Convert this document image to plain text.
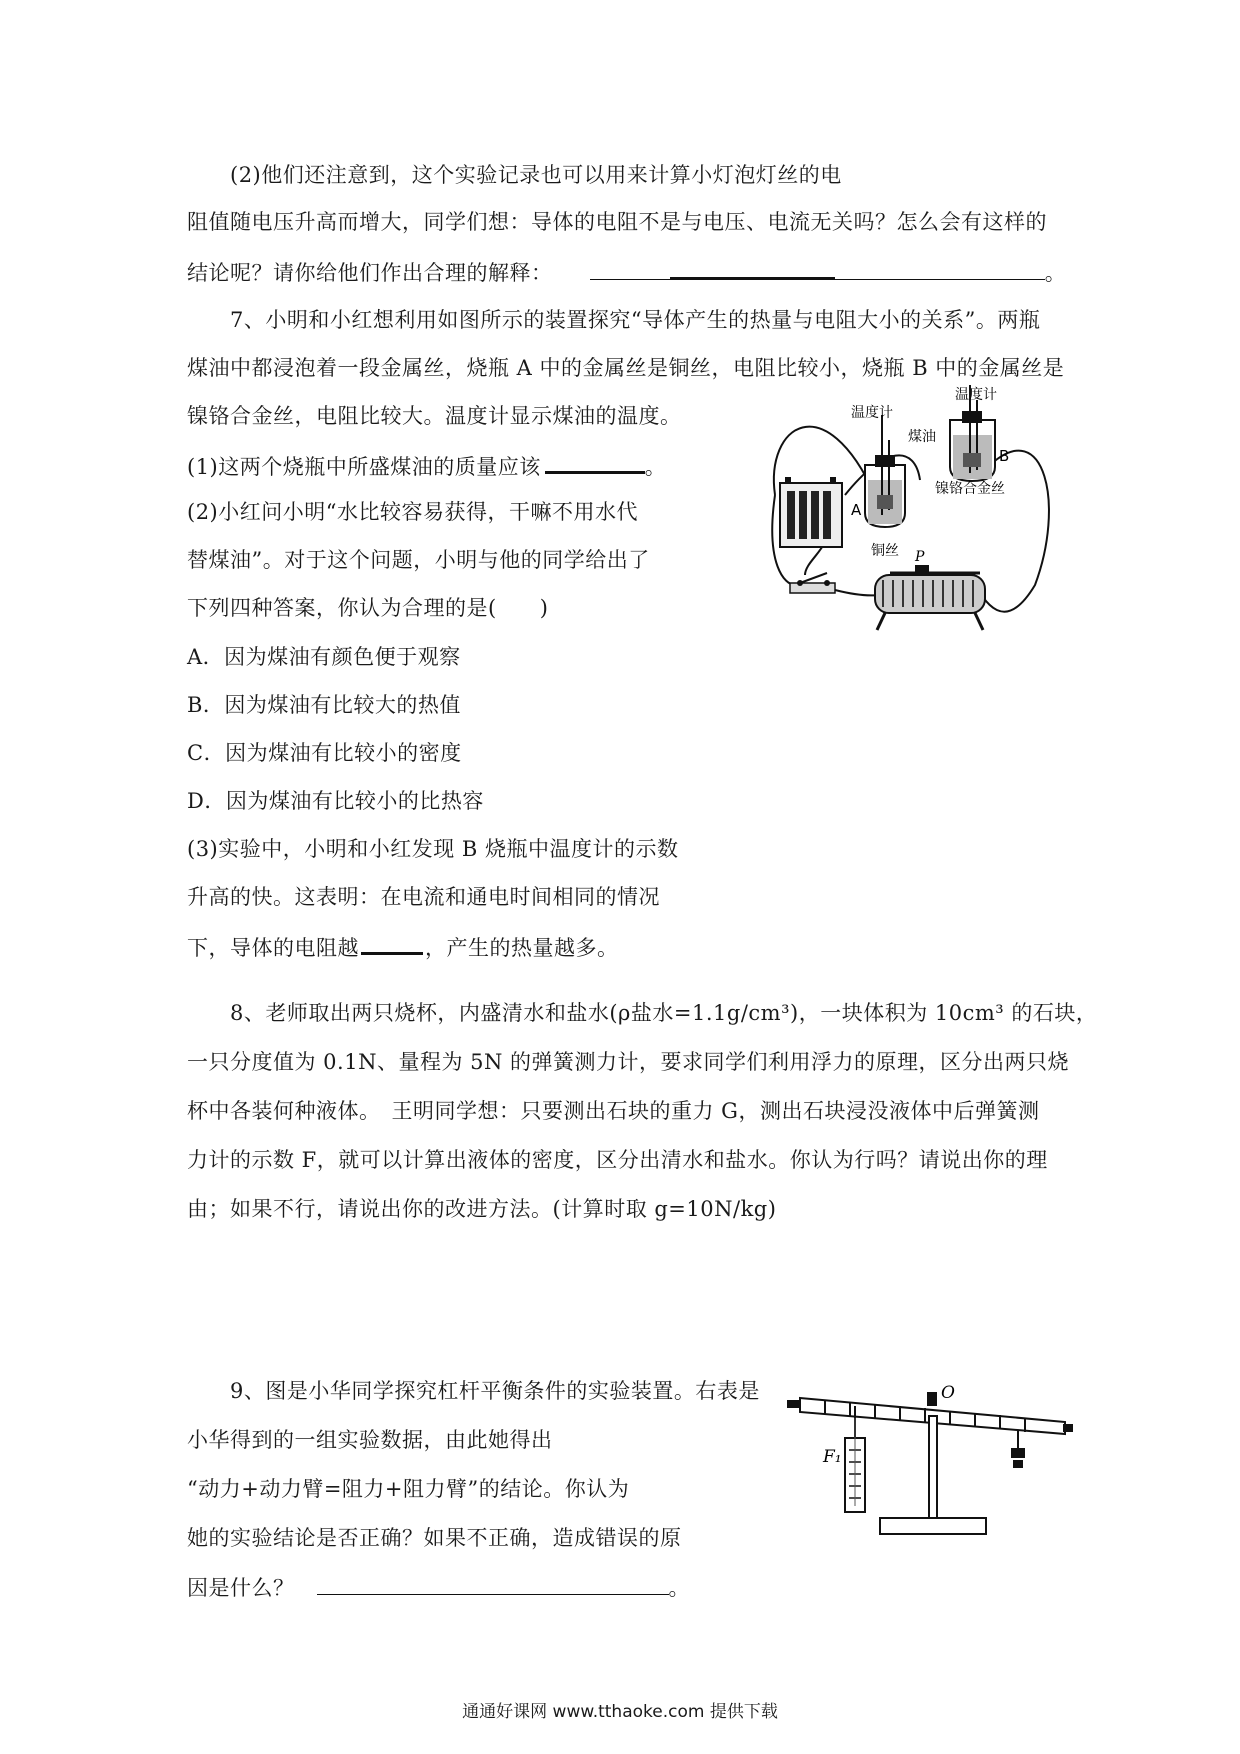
(2)他们还注意到，这个实验记录也可以用来计算小灯泡灯丝的电
阻值随电压升高而增大，同学们想：导体的电阻不是与电压、电流无关吗？怎么会有这样的
结论呢？请你给他们作出合理的解释：	。
7、小明和小红想利用如图所示的装置探究“导体产生的热量与电阻大小的关系”。两瓶
煤油中都浸泡着一段金属丝，烧瓶 A 中的金属丝是铜丝，电阻比较小，烧瓶 B 中的金属丝是
镍铬合金丝，电阻比较大。温度计显示煤油的温度。
(1)这两个烧瓶中所盛煤油的质量应该	。
(2)小红问小明“水比较容易获得，干嘛不用水代
替煤油”。对于这个问题，小明与他的同学给出了
下列四种答案，你认为合理的是(　　)
A．因为煤油有颜色便于观察
B．因为煤油有比较大的热值
C．因为煤油有比较小的密度
D．因为煤油有比较小的比热容
(3)实验中，小明和小红发现 B 烧瓶中温度计的示数
升高的快。这表明：在电流和通电时间相同的情况
下，导体的电阻越	，产生的热量越多。
P
温度计
温度计
煤油
B
A
镍铬合金丝
铜丝
8、老师取出两只烧杯，内盛清水和盐水(ρ盐水=1.1g/cm³)，一块体积为 10cm³ 的石块，
一只分度值为 0.1N、量程为 5N 的弹簧测力计，要求同学们利用浮力的原理，区分出两只烧
杯中各装何种液体。　王明同学想：只要测出石块的重力 G，测出石块浸没液体中后弹簧测
力计的示数 F，就可以计算出液体的密度，区分出清水和盐水。你认为行吗？请说出你的理
由；如果不行，请说出你的改进方法。(计算时取 g=10N/kg)
9、图是小华同学探究杠杆平衡条件的实验装置。右表是
小华得到的一组实验数据，由此她得出
“动力+动力臂=阻力+阻力臂”的结论。你认为
她的实验结论是否正确？如果不正确，造成错误的原
因是什么？	。
O
F₁
通通好课网 www.tthaoke.com 提供下载
